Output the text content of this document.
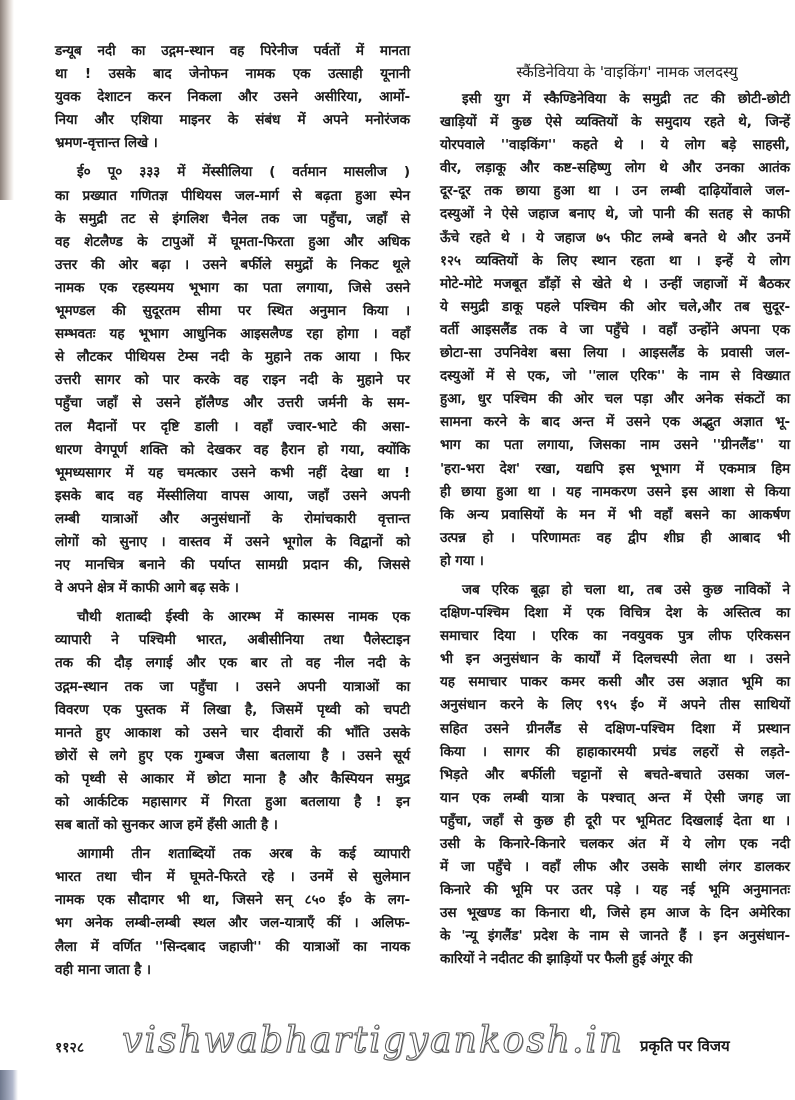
डन्यूब नदी का उद्गम-स्थान वह पिरेनीज पर्वतों में मानता
था ! उसके बाद जेनोफन नामक एक उत्साही यूनानी
युवक देशाटन करन निकला और उसने असीरिया, आर्मो-
निया और एशिया माइनर के संबंध में अपने मनोरंजक
भ्रमण-वृत्तान्त लिखे ।
ई० पू० ३३३ में मेंस्सीलिया ( वर्तमान मासलीज )
का प्रख्यात गणितज्ञ पीथियस जल-मार्ग से बढ़ता हुआ स्पेन
के समुद्री तट से इंगलिश चैनेल तक जा पहुँचा, जहाँ से
वह शेटलैण्ड के टापुओं में घूमता-फिरता हुआ और अधिक
उत्तर की ओर बढ़ा । उसने बर्फीले समुद्रों के निकट थूले
नामक एक रहस्यमय भूभाग का पता लगाया, जिसे उसने
भूमण्डल की सुदूरतम सीमा पर स्थित अनुमान किया ।
सम्भवतः यह भूभाग आधुनिक आइसलैण्ड रहा होगा । वहाँ
से लौटकर पीथियस टेम्स नदी के मुहाने तक आया । फिर
उत्तरी सागर को पार करके वह राइन नदी के मुहाने पर
पहुँचा जहाँ से उसने हॉलैण्ड और उत्तरी जर्मनी के सम-
तल मैदानों पर दृष्टि डाली । वहाँ ज्वार-भाटे की असा-
धारण वेगपूर्ण शक्ति को देखकर वह हैरान हो गया, क्योंकि
भूमध्यसागर में यह चमत्कार उसने कभी नहीं देखा था !
इसके बाद वह मेंस्सीलिया वापस आया, जहाँ उसने अपनी
लम्बी यात्राओं और अनुसंधानों के रोमांचकारी वृत्तान्त
लोगों को सुनाए । वास्तव में उसने भूगोल के विद्वानों को
नए मानचित्र बनाने की पर्याप्त सामग्री प्रदान की, जिससे
वे अपने क्षेत्र में काफी आगे बढ़ सके ।
चौथी शताब्दी ईस्वी के आरम्भ में कास्मस नामक एक
व्यापारी ने पश्चिमी भारत, अबीसीनिया तथा पैलेस्टाइन
तक की दौड़ लगाई और एक बार तो वह नील नदी के
उद्गम-स्थान तक जा पहुँचा । उसने अपनी यात्राओं का
विवरण एक पुस्तक में लिखा है, जिसमें पृथ्वी को चपटी
मानते हुए आकाश को उसने चार दीवारों की भाँति उसके
छोरों से लगे हुए एक गुम्बज जैसा बतलाया है । उसने सूर्य
को पृथ्वी से आकार में छोटा माना है और कैस्पियन समुद्र
को आर्कटिक महासागर में गिरता हुआ बतलाया है ! इन
सब बातों को सुनकर आज हमें हँसी आती है ।
आगामी तीन शताब्दियों तक अरब के कई व्यापारी
भारत तथा चीन में घूमते-फिरते रहे । उनमें से सुलेमान
नामक एक सौदागर भी था, जिसने सन् ८५० ई० के लग-
भग अनेक लम्बी-लम्बी स्थल और जल-यात्राएँ कीं । अलिफ-
लैला में वर्णित ''सिन्दबाद जहाजी'' की यात्राओं का नायक
वही माना जाता है ।
स्कैंडिनेविया के 'वाइकिंग' नामक जलदस्यु
इसी युग में स्कैण्डिनेविया के समुद्री तट की छोटी-छोटी
खाड़ियों में कुछ ऐसे व्यक्तियों के समुदाय रहते थे, जिन्हें
योरपवाले ''वाइकिंग'' कहते थे । ये लोग बड़े साहसी,
वीर, लड़ाकू और कष्ट-सहिष्णु लोग थे और उनका आतंक
दूर-दूर तक छाया हुआ था । उन लम्बी दाढ़ियोंवाले जल-
दस्युओं ने ऐसे जहाज बनाए थे, जो पानी की सतह से काफी
ऊँचे रहते थे । ये जहाज ७५ फीट लम्बे बनते थे और उनमें
१२५ व्यक्तियों के लिए स्थान रहता था । इन्हें ये लोग
मोटे-मोटे मजबूत डाँड़ों से खेते थे । उन्हीं जहाजों में बैठकर
ये समुद्री डाकू पहले पश्चिम की ओर चले,और तब सुदूर-
वर्ती आइसलैंड तक वे जा पहुँचे । वहाँ उन्होंने अपना एक
छोटा-सा उपनिवेश बसा लिया । आइसलैंड के प्रवासी जल-
दस्युओं में से एक, जो ''लाल एरिक'' के नाम से विख्यात
हुआ, धुर पश्चिम की ओर चल पड़ा और अनेक संकटों का
सामना करने के बाद अन्त में उसने एक अद्भुत अज्ञात भू-
भाग का पता लगाया, जिसका नाम उसने ''ग्रीनलैंड'' या
'हरा-भरा देश' रखा, यद्यपि इस भूभाग में एकमात्र हिम
ही छाया हुआ था । यह नामकरण उसने इस आशा से किया
कि अन्य प्रवासियों के मन में भी वहाँ बसने का आकर्षण
उत्पन्न हो । परिणामतः वह द्वीप शीघ्र ही आबाद भी
हो गया ।
जब एरिक बूढ़ा हो चला था, तब उसे कुछ नाविकों ने
दक्षिण-पश्चिम दिशा में एक विचित्र देश के अस्तित्व का
समाचार दिया । एरिक का नवयुवक पुत्र लीफ एरिकसन
भी इन अनुसंधान के कार्यों में दिलचस्पी लेता था । उसने
यह समाचार पाकर कमर कसी और उस अज्ञात भूमि का
अनुसंधान करने के लिए ९९५ ई० में अपने तीस साथियों
सहित उसने ग्रीनलैंड से दक्षिण-पश्चिम दिशा में प्रस्थान
किया । सागर की हाहाकारमयी प्रचंड लहरों से लड़ते-
भिड़ते और बर्फीली चट्टानों से बचते-बचाते उसका जल-
यान एक लम्बी यात्रा के पश्चात् अन्त में ऐसी जगह जा
पहुँचा, जहाँ से कुछ ही दूरी पर भूमितट दिखलाई देता था ।
उसी के किनारे-किनारे चलकर अंत में ये लोग एक नदी
में जा पहुँचे । वहाँ लीफ और उसके साथी लंगर डालकर
किनारे की भूमि पर उतर पड़े । यह नई भूमि अनुमानतः
उस भूखण्ड का किनारा थी, जिसे हम आज के दिन अमेरिका
के 'न्यू इंगलैंड' प्रदेश के नाम से जानते हैं । इन अनुसंधान-
कारियों ने नदीतट की झाड़ियों पर फैली हुई अंगूर की
vishwabhartigyankosh.in
११२८	प्रकृति पर विजय
